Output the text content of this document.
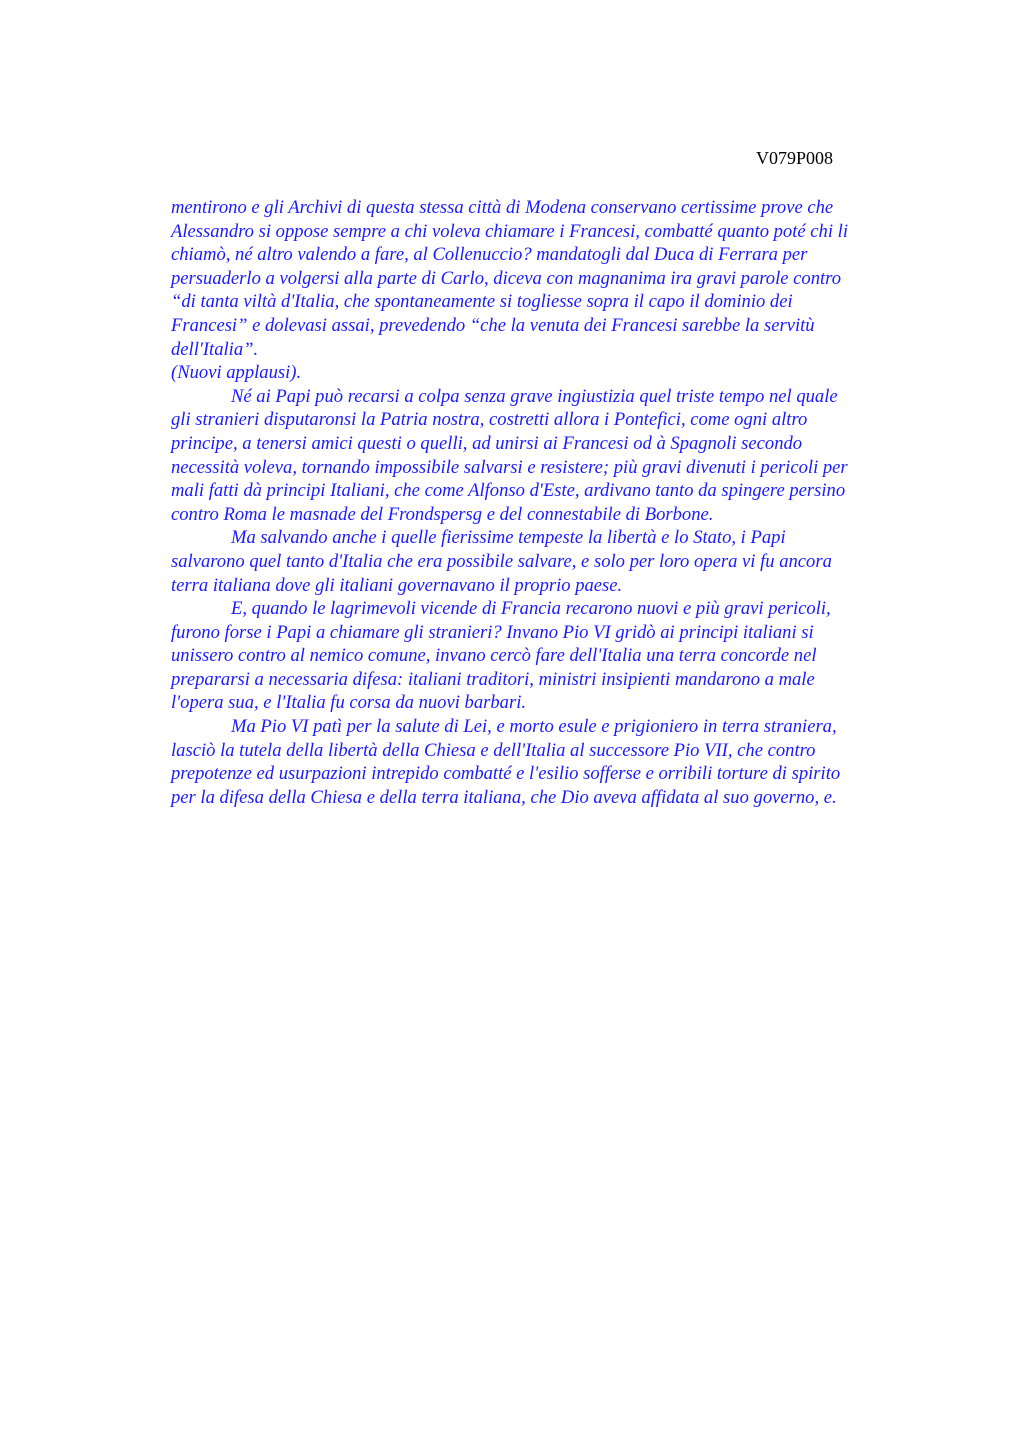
V079P008
mentirono e gli Archivi di questa stessa città di Modena conservano certissime prove che
Alessandro si oppose sempre a chi voleva chiamare i Francesi, combatté quanto poté chi li
chiamò, né altro valendo a fare, al Collenuccio? mandatogli dal Duca di Ferrara per
persuaderlo a volgersi alla parte di Carlo, diceva con magnanima ira gravi parole contro
“di tanta viltà d'Italia, che spontaneamente si togliesse sopra il capo il dominio dei
Francesi” e dolevasi assai, prevedendo “che la venuta dei Francesi sarebbe la servitù
dell'Italia”.
(Nuovi applausi).
Né ai Papi può recarsi a colpa senza grave ingiustizia quel triste tempo nel quale
gli stranieri disputaronsi la Patria nostra, costretti allora i Pontefici, come ogni altro
principe, a tenersi amici questi o quelli, ad unirsi ai Francesi od à Spagnoli secondo
necessità voleva, tornando impossibile salvarsi e resistere; più gravi divenuti i pericoli per
mali fatti dà principi Italiani, che come Alfonso d'Este, ardivano tanto da spingere persino
contro Roma le masnade del Frondspersg e del connestabile di Borbone.
Ma salvando anche i quelle fierissime tempeste la libertà e lo Stato, i Papi
salvarono quel tanto d'Italia che era possibile salvare, e solo per loro opera vi fu ancora
terra italiana dove gli italiani governavano il proprio paese.
E, quando le lagrimevoli vicende di Francia recarono nuovi e più gravi pericoli,
furono forse i Papi a chiamare gli stranieri? Invano Pio VI gridò ai principi italiani si
unissero contro al nemico comune, invano cercò fare dell'Italia una terra concorde nel
prepararsi a necessaria difesa: italiani traditori, ministri insipienti mandarono a male
l'opera sua, e l'Italia fu corsa da nuovi barbari.
Ma Pio VI patì per la salute di Lei, e morto esule e prigioniero in terra straniera,
lasciò la tutela della libertà della Chiesa e dell'Italia al successore Pio VII, che contro
prepotenze ed usurpazioni intrepido combatté e l'esilio sofferse e orribili torture di spirito
per la difesa della Chiesa e della terra italiana, che Dio aveva affidata al suo governo, e.
